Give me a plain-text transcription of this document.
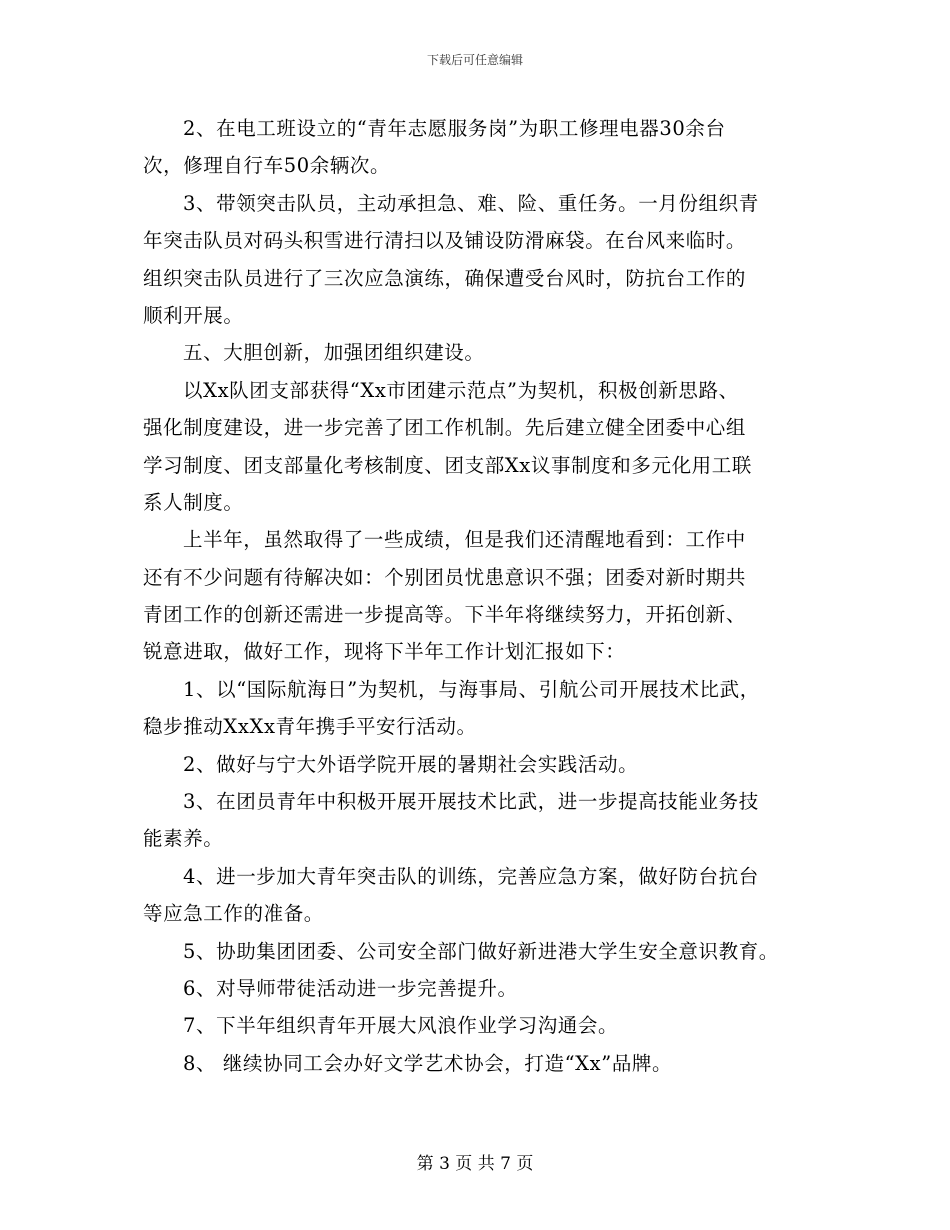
下载后可任意编辑
2、在电工班设立的“青年志愿服务岗”为职工修理电器30余台
次，修理自行车50余辆次。
3、带领突击队员，主动承担急、难、险、重任务。一月份组织青
年突击队员对码头积雪进行清扫以及铺设防滑麻袋。在台风来临时。
组织突击队员进行了三次应急演练，确保遭受台风时，防抗台工作的
顺利开展。
五、大胆创新，加强团组织建设。
以Xx队团支部获得“Xx市团建示范点”为契机，积极创新思路、
强化制度建设，进一步完善了团工作机制。先后建立健全团委中心组
学习制度、团支部量化考核制度、团支部Xx议事制度和多元化用工联
系人制度。
上半年，虽然取得了一些成绩，但是我们还清醒地看到：工作中
还有不少问题有待解决如：个别团员忧患意识不强；团委对新时期共
青团工作的创新还需进一步提高等。下半年将继续努力，开拓创新、
锐意进取，做好工作，现将下半年工作计划汇报如下：
1、以“国际航海日”为契机，与海事局、引航公司开展技术比武，
稳步推动XxXx青年携手平安行活动。
2、做好与宁大外语学院开展的暑期社会实践活动。
3、在团员青年中积极开展开展技术比武，进一步提高技能业务技
能素养。
4、进一步加大青年突击队的训练，完善应急方案，做好防台抗台
等应急工作的准备。
5、协助集团团委、公司安全部门做好新进港大学生安全意识教育。
6、对导师带徒活动进一步完善提升。
7、下半年组织青年开展大风浪作业学习沟通会。
8、 继续协同工会办好文学艺术协会，打造“Xx”品牌。
第 3 页 共 7 页
